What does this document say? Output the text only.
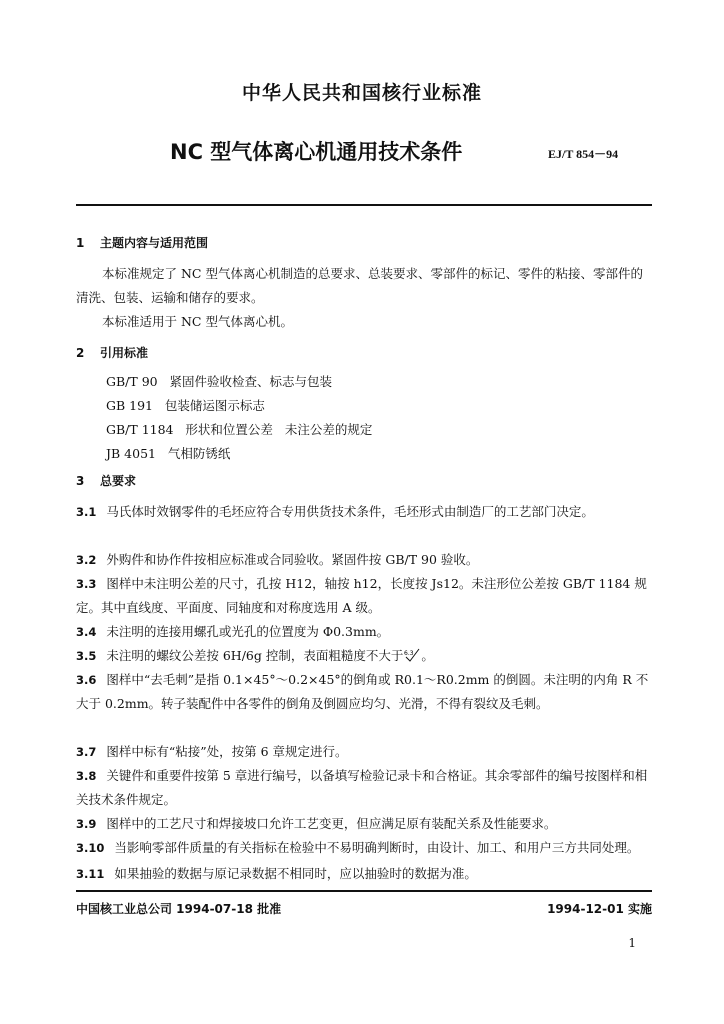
中华人民共和国核行业标准
NC 型气体离心机通用技术条件	EJ/T 854－94
1 主题内容与适用范围
本标准规定了 NC 型气体离心机制造的总要求、总装要求、零部件的标记、零件的粘接、零部件的清洗、包装、运输和储存的要求。
本标准适用于 NC 型气体离心机。
2 引用标准
GB/T 90   紧固件验收检查、标志与包装
GB 191   包装储运图示标志
GB/T 1184   形状和位置公差   未注公差的规定
JB 4051   气相防锈纸
3 总要求
3.1 马氏体时效钢零件的毛坯应符合专用供货技术条件，毛坯形式由制造厂的工艺部门决定。
3.2 外购件和协作件按相应标准或合同验收。紧固件按 GB/T 90 验收。
3.3 图样中未注明公差的尺寸，孔按 H12，轴按 h12，长度按 Js12。未注形位公差按 GB/T 1184 规定。其中直线度、平面度、同轴度和对称度选用 A 级。
3.4 未注明的连接用螺孔或光孔的位置度为 Φ0.3mm。
3.5 未注明的螺纹公差按 6H/6g 控制，表面粗糙度不大于 6.3 。
3.6 图样中“去毛刺”是指 0.1×45°～0.2×45°的倒角或 R0.1～R0.2mm 的倒圆。未注明的内角 R 不大于 0.2mm。转子装配件中各零件的倒角及倒圆应均匀、光滑，不得有裂纹及毛刺。
3.7 图样中标有“粘接”处，按第 6 章规定进行。
3.8 关键件和重要件按第 5 章进行编号，以备填写检验记录卡和合格证。其余零部件的编号按图样和相关技术条件规定。
3.9 图样中的工艺尺寸和焊接坡口允许工艺变更，但应满足原有装配关系及性能要求。
3.10 当影响零部件质量的有关指标在检验中不易明确判断时，由设计、加工、和用户三方共同处理。
3.11 如果抽验的数据与原记录数据不相同时，应以抽验时的数据为准。
中国核工业总公司 1994-07-18 批准	1994-12-01 实施
1
